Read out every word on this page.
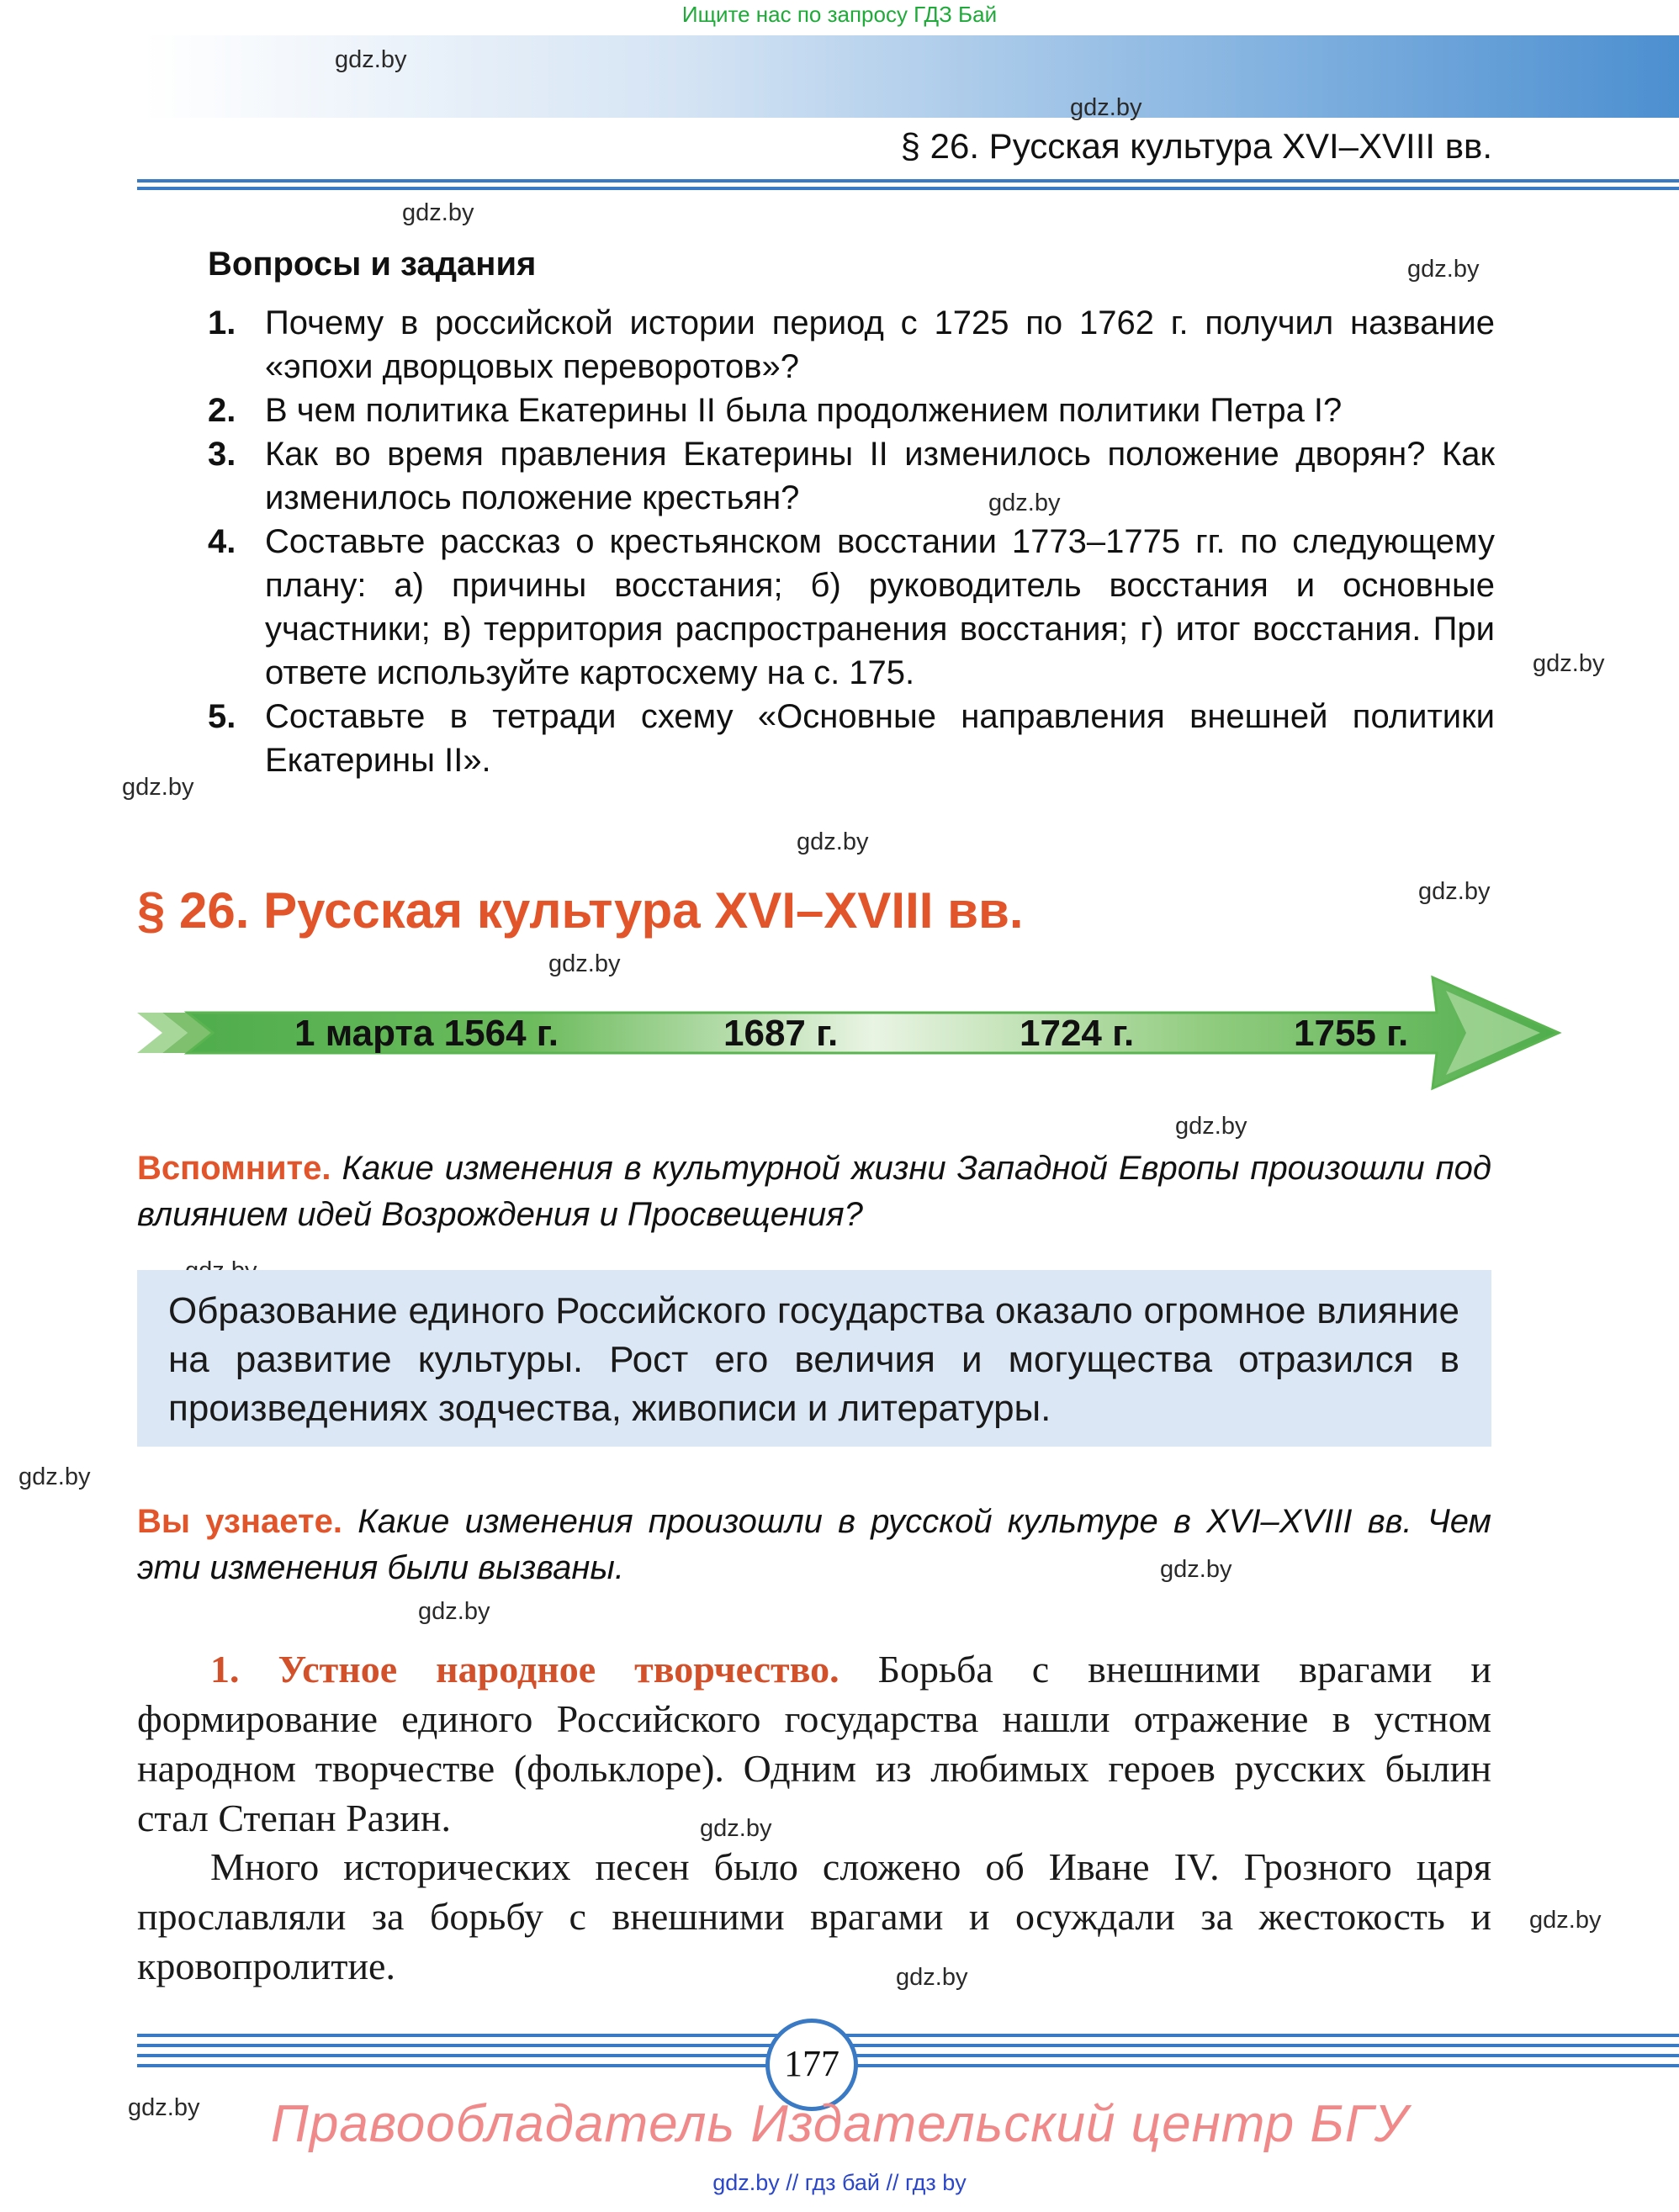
Ищите нас по запросу ГДЗ Бай
gdz.by
gdz.by
gdz.by
gdz.by
gdz.by
gdz.by
gdz.by
gdz.by
gdz.by
gdz.by
gdz.by
gdz.by
gdz.by
gdz.by
gdz.by
gdz.by
gdz.by
gdz.by
§ 26. Русская культура XVI–XVIII вв.
Вопросы и задания
1. Почему в российской истории период с 1725 по 1762 г. получил название «эпохи дворцовых переворотов»?
2. В чем политика Екатерины II была продолжением политики Петра I?
3. Как во время правления Екатерины II изменилось положение дворян? Как изменилось положение крестьян?
4. Составьте рассказ о крестьянском восстании 1773–1775 гг. по следующему плану: а) причины восстания; б) руководитель восстания и основные участники; в) территория распространения восстания; г) итог восстания. При ответе используйте картосхему на с. 175.
5. Составьте в тетради схему «Основные направления внешней политики Екатерины II».
§ 26. Русская культура XVI–XVIII вв.
1 марта 1564 г.	1687 г.	1724 г.	1755 г.
Вспомните. Какие изменения в культурной жизни Западной Европы произошли под влиянием идей Возрождения и Просвещения?
Образование единого Российского государства оказало огромное влияние на развитие культуры. Рост его величия и могущества отразился в произведениях зодчества, живописи и литературы.
Вы узнаете. Какие изменения произошли в русской культуре в XVI–XVIII вв. Чем эти изменения были вызваны.
1. Устное народное творчество. Борьба с внешними врагами и формирование единого Российского государства нашли отражение в устном народном творчестве (фольклоре). Одним из любимых героев русских былин стал Степан Разин.
Много исторических песен было сложено об Иване IV. Грозного царя прославляли за борьбу с внешними врагами и осуждали за жестокость и кровопролитие.
177
Правообладатель Издательский центр БГУ
gdz.by // гдз бай // гдз by
